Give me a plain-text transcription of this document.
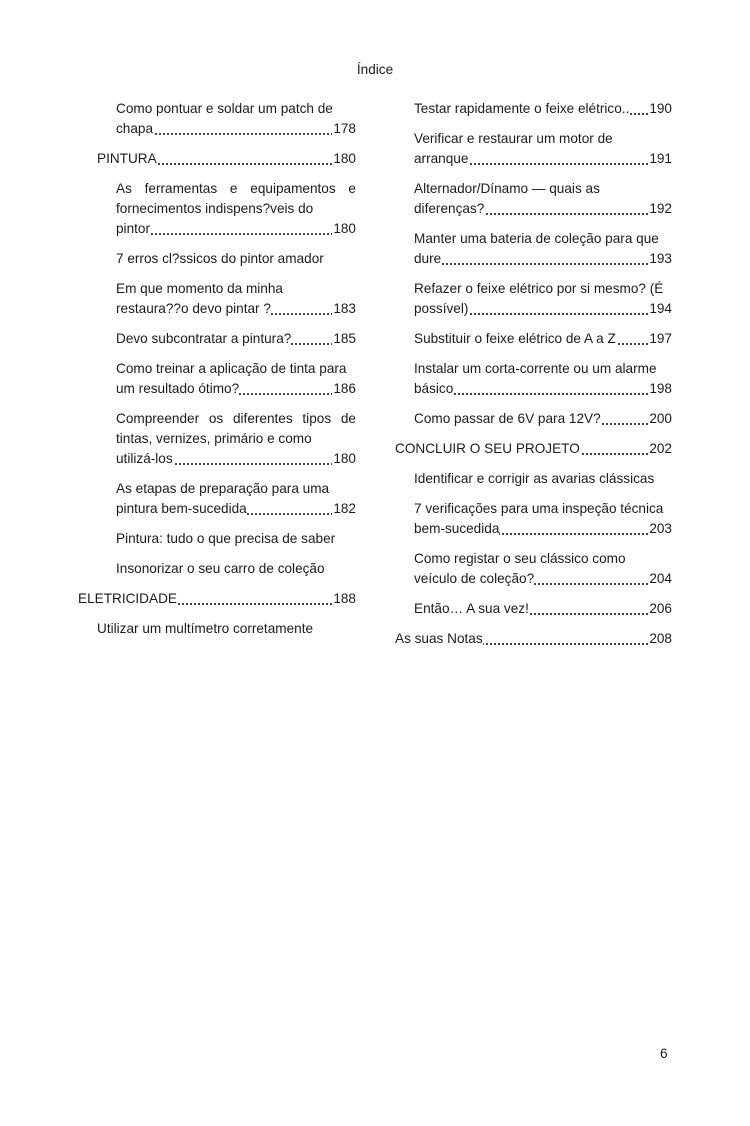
Índice
Como pontuar e soldar um patch de
chapa	178
PINTURA	180
As ferramentas e equipamentos e fornecimentos indispens?veis do
pintor	180
7 erros cl?ssicos do pintor amador
Em que momento da minha
restaura??o devo pintar ?	183
Devo subcontratar a pintura?	185
Como treinar a aplicação de tinta para
um resultado ótimo?	186
Compreender os diferentes tipos de tintas, vernizes, primário e como
utilizá-los	180
As etapas de preparação para uma
pintura bem-sucedida	182
Pintura: tudo o que precisa de saber
Insonorizar o seu carro de coleção
ELETRICIDADE	188
Utilizar um multímetro corretamente
Testar rapidamente o feixe elétrico.. 190
Verificar e restaurar um motor de
arranque	191
Alternador/Dínamo — quais as
diferenças?	192
Manter uma bateria de coleção para que
dure	193
Refazer o feixe elétrico por si mesmo? (É
possível)	194
Substituir o feixe elétrico de A a Z 197
Instalar um corta-corrente ou um alarme
básico	198
Como passar de 6V para 12V?	200
CONCLUIR O SEU PROJETO	202
Identificar e corrigir as avarias clássicas
7 verificações para uma inspeção técnica
bem-sucedida	203
Como registar o seu clássico como
veículo de coleção?	204
Então… A sua vez!	206
As suas Notas	208
6
